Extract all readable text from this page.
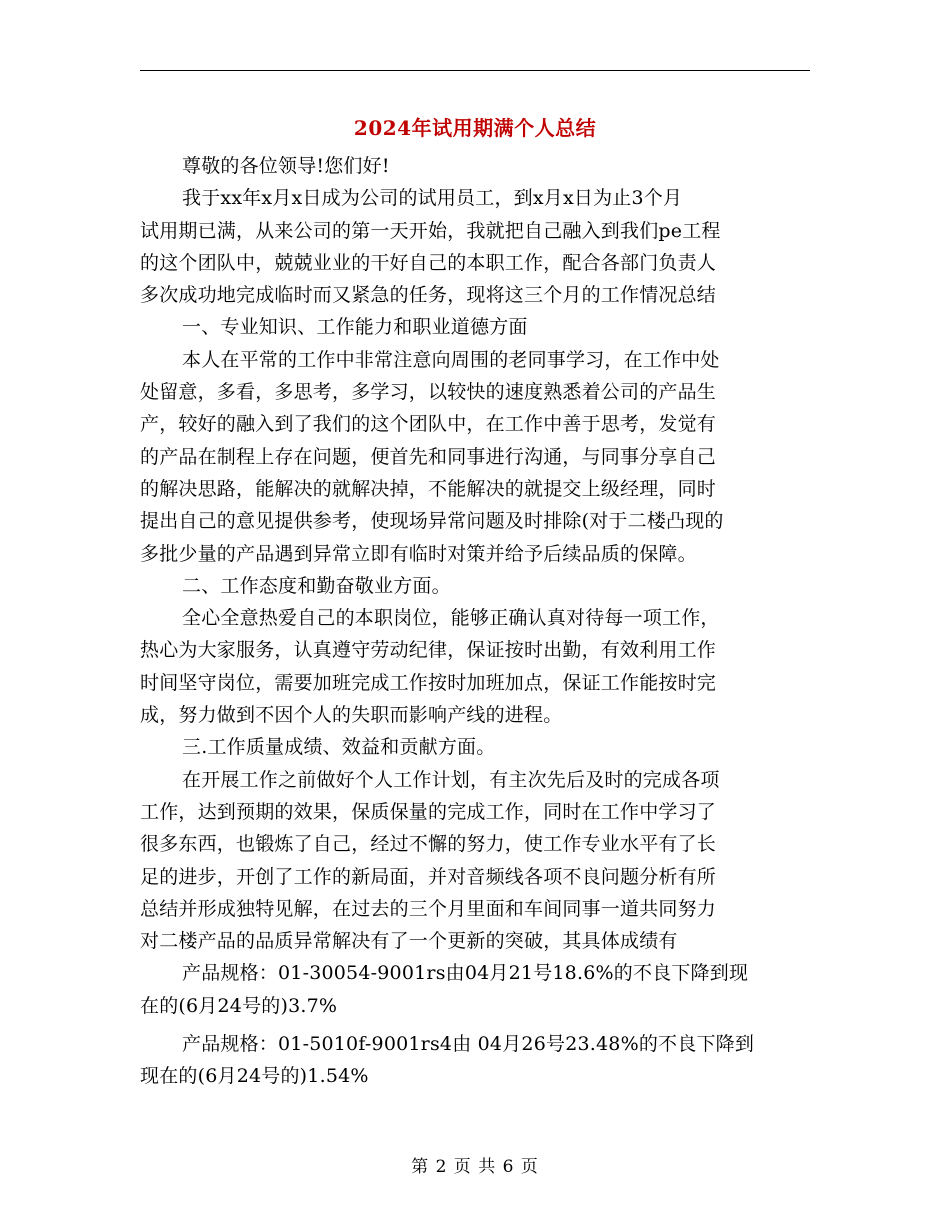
2024年试用期满个人总结
尊敬的各位领导!您们好!
我于xx年x月x日成为公司的试用员工，到x月x日为止3个月
试用期已满，从来公司的第一天开始，我就把自己融入到我们pe工程
的这个团队中，兢兢业业的干好自己的本职工作，配合各部门负责人
多次成功地完成临时而又紧急的任务，现将这三个月的工作情况总结
一、专业知识、工作能力和职业道德方面
本人在平常的工作中非常注意向周围的老同事学习，在工作中处
处留意，多看，多思考，多学习，以较快的速度熟悉着公司的产品生
产，较好的融入到了我们的这个团队中，在工作中善于思考，发觉有
的产品在制程上存在问题，便首先和同事进行沟通，与同事分享自己
的解决思路，能解决的就解决掉，不能解决的就提交上级经理，同时
提出自己的意见提供参考，使现场异常问题及时排除(对于二楼凸现的
多批少量的产品遇到异常立即有临时对策并给予后续品质的保障。
二、工作态度和勤奋敬业方面。
全心全意热爱自己的本职岗位，能够正确认真对待每一项工作，
热心为大家服务，认真遵守劳动纪律，保证按时出勤，有效利用工作
时间坚守岗位，需要加班完成工作按时加班加点，保证工作能按时完
成，努力做到不因个人的失职而影响产线的进程。
三.工作质量成绩、效益和贡献方面。
在开展工作之前做好个人工作计划，有主次先后及时的完成各项
工作，达到预期的效果，保质保量的完成工作，同时在工作中学习了
很多东西，也锻炼了自己，经过不懈的努力，使工作专业水平有了长
足的进步，开创了工作的新局面，并对音频线各项不良问题分析有所
总结并形成独特见解，在过去的三个月里面和车间同事一道共同努力
对二楼产品的品质异常解决有了一个更新的突破，其具体成绩有
产品规格：01-30054-9001rs由04月21号18.6%的不良下降到现
在的(6月24号的)3.7%
产品规格：01-5010f-9001rs4由 04月26号23.48%的不良下降到
现在的(6月24号的)1.54%
第 2 页 共 6 页
